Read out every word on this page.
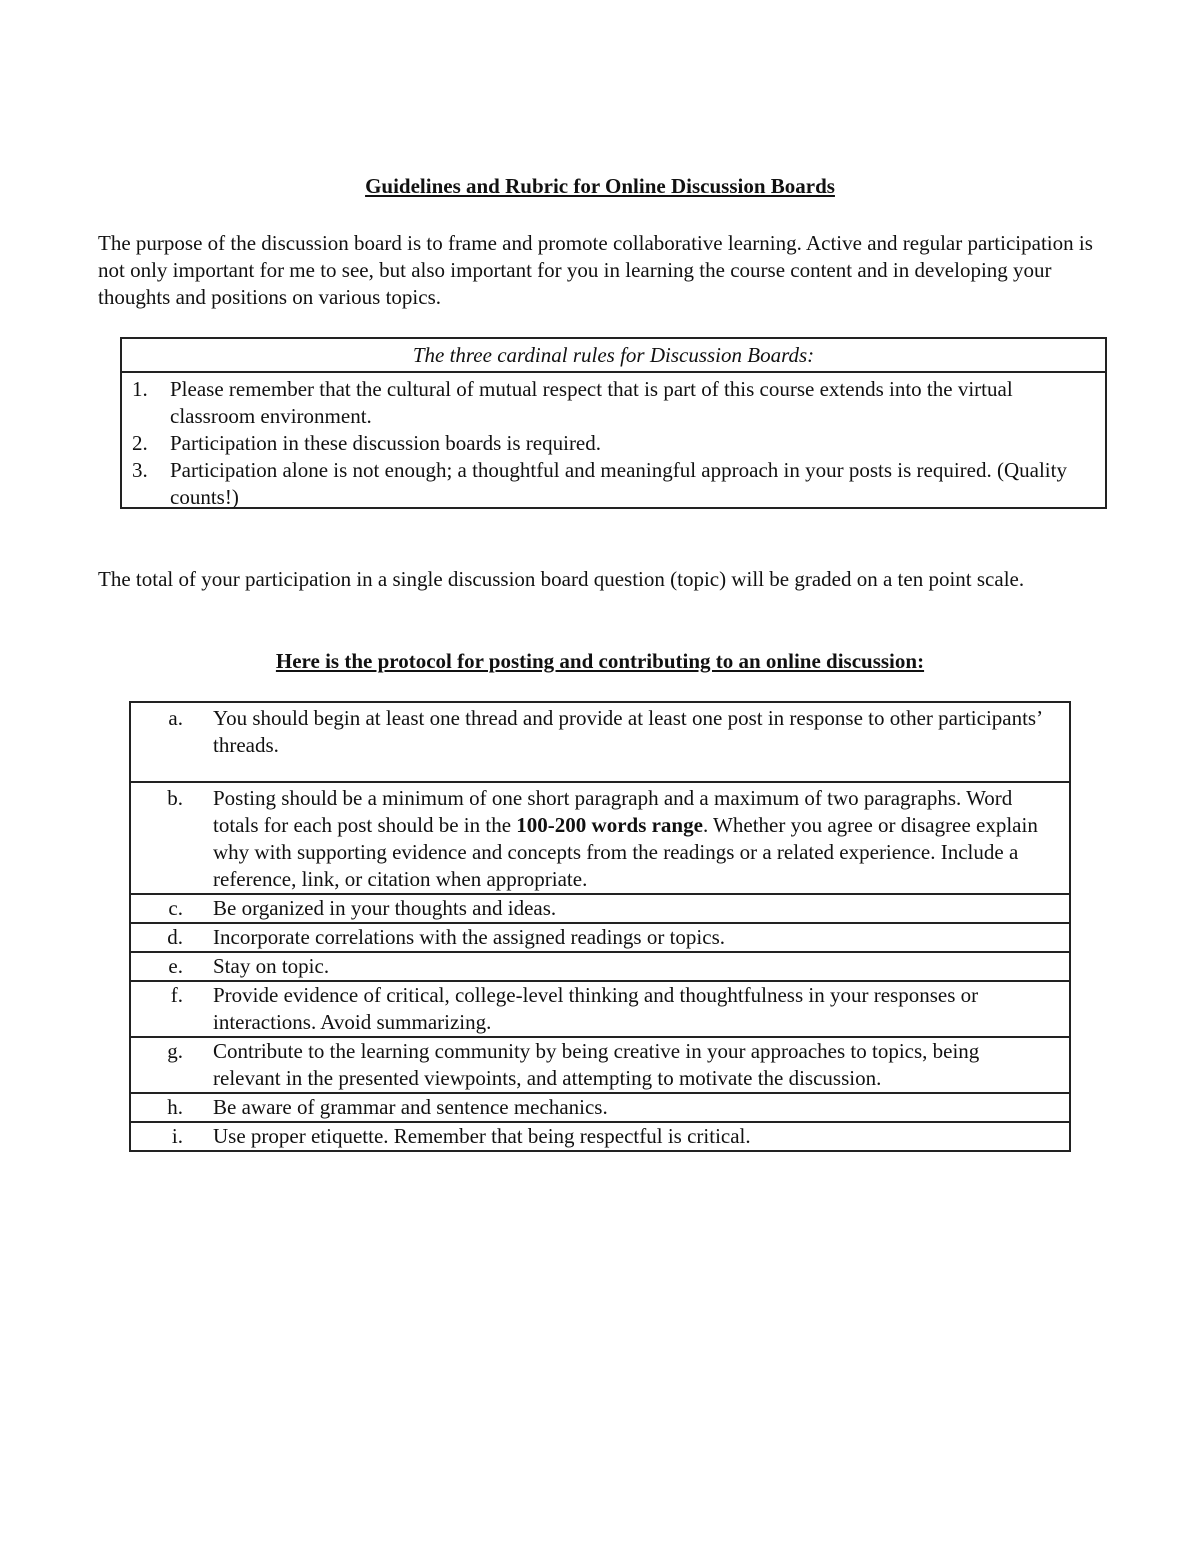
Guidelines and Rubric for Online Discussion Boards

The purpose of the discussion board is to frame and promote collaborative learning. Active and regular participation is not only important for me to see, but also important for you in learning the course content and in developing your thoughts and positions on various topics.

The three cardinal rules for Discussion Boards:
1.	Please remember that the cultural of mutual respect that is part of this course extends into the virtual classroom environment.
2.	Participation in these discussion boards is required.
3.	Participation alone is not enough; a thoughtful and meaningful approach in your posts is required. (Quality counts!)

The total of your participation in a single discussion board question (topic) will be graded on a ten point scale.

Here is the protocol for posting and contributing to an online discussion:
a.	You should begin at least one thread and provide at least one post in response to other participants’ threads.
b.	Posting should be a minimum of one short paragraph and a maximum of two paragraphs. Word totals for each post should be in the 100-200 words range. Whether you agree or disagree explain why with supporting evidence and concepts from the readings or a related experience. Include a reference, link, or citation when appropriate.
c.	Be organized in your thoughts and ideas.
d.	Incorporate correlations with the assigned readings or topics.
e.	Stay on topic.
f.	Provide evidence of critical, college-level thinking and thoughtfulness in your responses or interactions. Avoid summarizing.
g.	Contribute to the learning community by being creative in your approaches to topics, being relevant in the presented viewpoints, and attempting to motivate the discussion.
h.	Be aware of grammar and sentence mechanics.
i.	Use proper etiquette. Remember that being respectful is critical.
